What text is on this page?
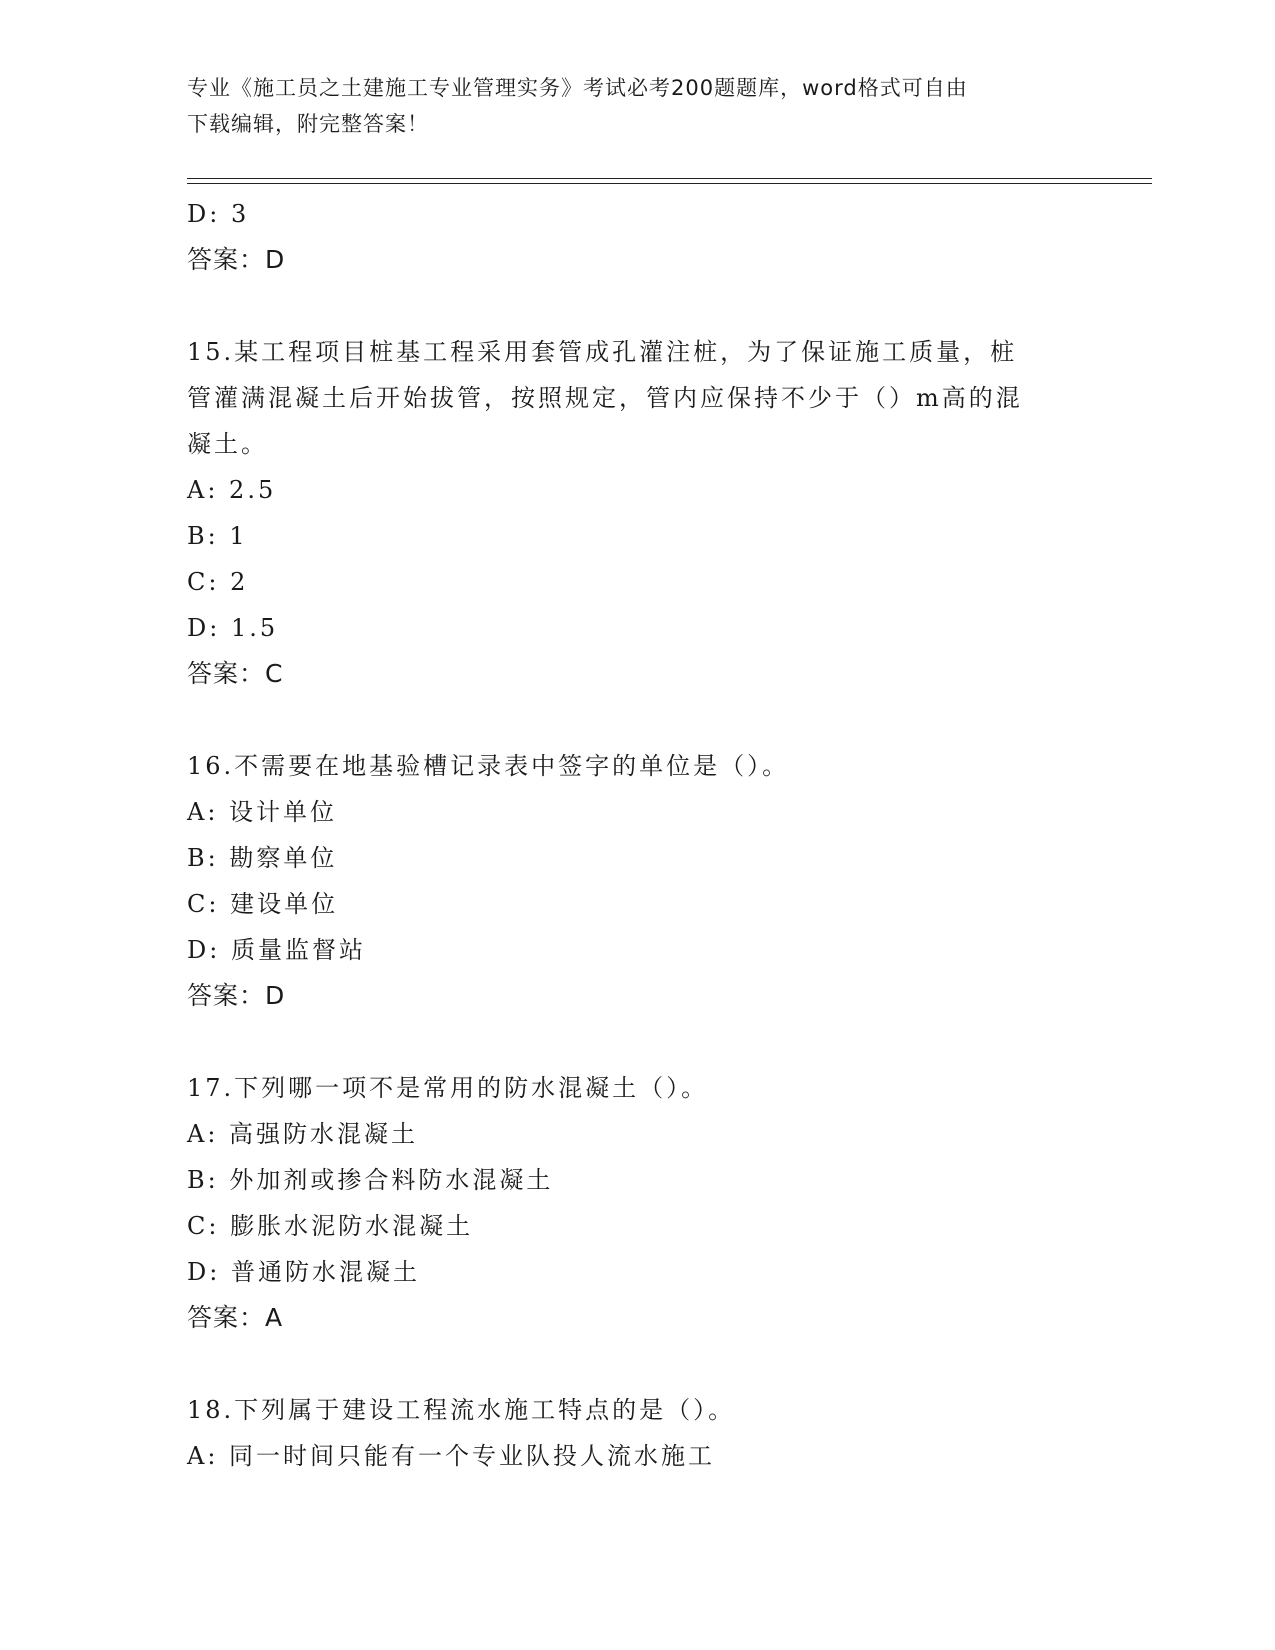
专业《施工员之土建施工专业管理实务》考试必考200题题库，word格式可自由
下载编辑，附完整答案！
D: 3
答案：D
15.某工程项目桩基工程采用套管成孔灌注桩，为了保证施工质量，桩
管灌满混凝土后开始拔管，按照规定，管内应保持不少于（）m高的混
凝土。
A: 2.5
B: 1
C: 2
D: 1.5
答案：C
16.不需要在地基验槽记录表中签字的单位是（）。
A: 设计单位
B: 勘察单位
C: 建设单位
D: 质量监督站
答案：D
17.下列哪一项不是常用的防水混凝土（）。
A: 高强防水混凝土
B: 外加剂或掺合料防水混凝土
C: 膨胀水泥防水混凝土
D: 普通防水混凝土
答案：A
18.下列属于建设工程流水施工特点的是（）。
A: 同一时间只能有一个专业队投人流水施工
